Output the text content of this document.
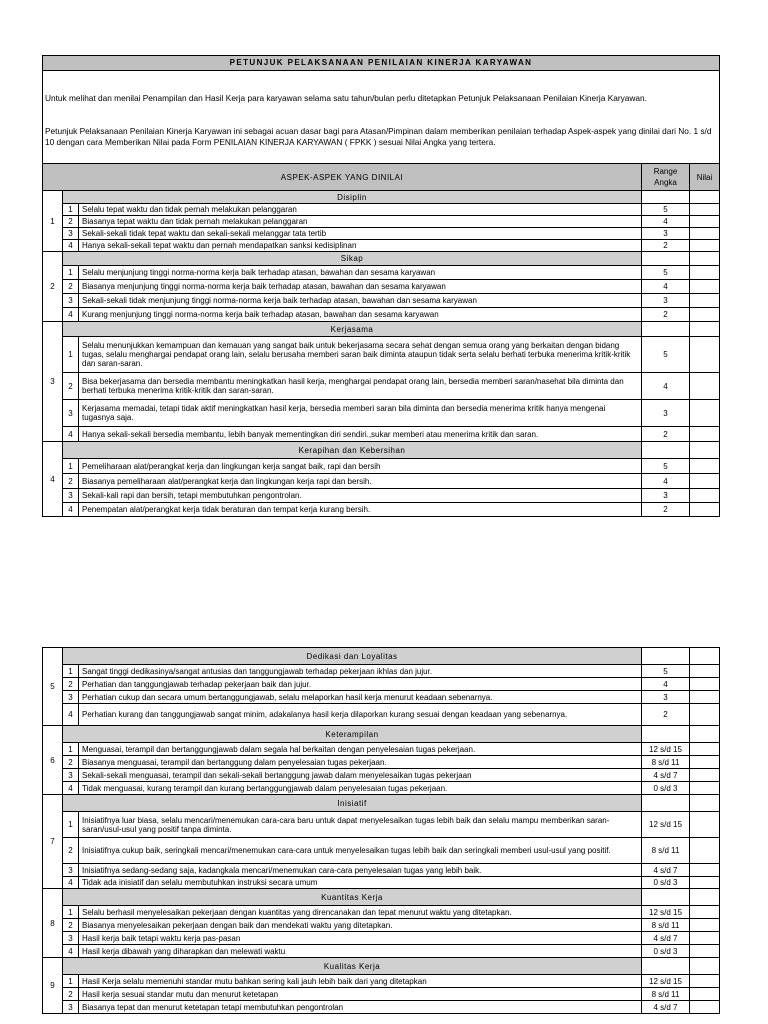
PETUNJUK PELAKSANAAN PENILAIAN KINERJA KARYAWAN
Untuk melihat dan menilai Penampilan dan Hasil Kerja para karyawan selama satu tahun/bulan perlu ditetapkan Petunjuk Pelaksanaan Penilaian Kinerja Karyawan.
Petunjuk Pelaksanaan Penilaian Kinerja Karyawan ini sebagai acuan dasar bagi para Atasan/Pimpinan dalam memberikan penilaian terhadap Aspek-aspek yang dinilai dari No. 1 s/d 10 dengan cara Memberikan Nilai pada Form PENILAIAN KINERJA KARYAWAN ( FPKK ) sesuai Nilai Angka yang tertera.
ASPEK-ASPEK YANG DINILAI			Range Angka	Nilai
1	Disiplin			
	1	Selalu tepat waktu dan tidak pernah melakukan pelanggaran	5	
	2	Biasanya tepat waktu dan tidak pernah melakukan pelanggaran	4	
	3	Sekali-sekali tidak tepat waktu dan sekali-sekali melanggar tata tertib	3	
	4	Hanya sekali-sekali tepat waktu dan pernah mendapatkan sanksi kedisiplinan	2	
2	Sikap			
	1	Selalu menjunjung tinggi norma-norma kerja baik terhadap atasan, bawahan dan sesama karyawan	5	
	2	Biasanya menjunjung tinggi norma-norma kerja baik terhadap atasan, bawahan dan sesama karyawan	4	
	3	Sekali-sekali tidak menjunjung tinggi norma-norma kerja baik terhadap atasan, bawahan dan sesama karyawan	3	
	4	Kurang menjunjung tinggi norma-norma kerja baik terhadap atasan, bawahan dan sesama karyawan	2	
3	Kerjasama			
	1	Selalu menunjukkan kemampuan dan kemauan yang sangat baik untuk bekerjasama secara sehat dengan semua orang yang berkaitan dengan bidang tugas, selalu menghargai pendapat orang lain, selalu berusaha memberi saran baik diminta ataupun tidak serta selalu berhati terbuka menerima kritik-kritik dan saran-saran.	5	
	2	Bisa bekerjasama dan bersedia membantu meningkatkan hasil kerja, menghargai pendapat orang lain, bersedia memberi saran/nasehat bila diminta dan berhati terbuka menerima kritik-kritik dan saran-saran.	4	
	3	Kerjasama memadai, tetapi tidak aktif meningkatkan hasil kerja, bersedia memberi saran bila diminta dan bersedia menerima kritik hanya mengenai tugasnya saja.	3	
	4	Hanya sekali-sekali bersedia membantu, lebih banyak mementingkan diri sendiri.,sukar memberi atau menerima kritik dan saran.	2	
4	Kerapihan dan Kebersihan			
	1	Pemeliharaan alat/perangkat kerja dan lingkungan kerja sangat baik, rapi dan bersih	5	
	2	Biasanya pemeliharaan alat/perangkat kerja dan lingkungan kerja rapi dan bersih.	4	
	3	Sekali-kali rapi dan bersih, tetapi membutuhkan pengontrolan.	3	
	4	Penempatan alat/perangkat kerja tidak beraturan dan tempat kerja kurang bersih.	2	
5	Dedikasi dan Loyalitas			
	1	Sangat tinggi dedikasinya/sangat antusias dan tanggungjawab terhadap pekerjaan ikhlas dan jujur.	5	
	2	Perhatian dan tanggungjawab terhadap pekerjaan baik dan jujur.	4	
	3	Perhatian cukup dan secara umum bertanggungjawab, selalu melaporkan hasil kerja menurut keadaan sebenarnya.	3	
	4	Perhatian kurang dan tanggungjawab sangat minim, adakalanya hasil kerja dilaporkan kurang sesuai dengan keadaan yang sebenarnya.	2	
6	Keterampilan			
	1	Menguasai, terampil dan bertanggungjawab dalam segala hal berkaitan dengan penyelesaian tugas pekerjaan.	12 s/d 15	
	2	Biasanya menguasai, terampil dan bertanggung dalam penyelesaian tugas pekerjaan.	8 s/d 11	
	3	Sekali-sekali menguasai, terampil dan sekali-sekali bertanggung jawab dalam menyelesaikan tugas pekerjaan	4 s/d 7	
	4	Tidak menguasai, kurang terampil dan kurang bertanggungjawab dalam penyelesaian tugas pekerjaan.	0 s/d 3	
7	Inisiatif			
	1	Inisiatifnya luar biasa, selalu mencari/menemukan cara-cara baru untuk dapat menyelesaikan tugas lebih baik dan selalu mampu memberikan saran-saran/usul-usul yang positif tanpa diminta.	12 s/d 15	
	2	Inisiatifnya cukup baik, seringkali mencari/menemukan cara-cara untuk menyelesaikan tugas lebih baik dan seringkali memberi usul-usul yang positif.	8 s/d 11	
	3	Inisiatifnya sedang-sedang saja, kadangkala mencari/menemukan cara-cara penyelesaian tugas yang lebih baik.	4 s/d 7	
	4	Tidak ada inisiatif dan selalu membutuhkan instruksi secara umum	0 s/d 3	
8	Kuantitas Kerja			
	1	Selalu berhasil menyelesaikan pekerjaan dengan kuantitas yang direncanakan dan tepat menurut waktu yang ditetapkan.	12 s/d 15	
	2	Biasanya menyelesaikan pekerjaan dengan baik dan mendekati waktu yang ditetapkan.	8 s/d 11	
	3	Hasil kerja baik tetapi waktu kerja pas-pasan	4 s/d 7	
	4	Hasil kerja dibawah yang diharapkan dan melewati waktu	0 s/d 3	
9	Kualitas Kerja			
	1	Hasil Kerja selalu memenuhi standar mutu bahkan sering kali jauh lebih baik dari yang ditetapkan	12 s/d 15	
	2	Hasil kerja sesuai standar mutu dan menurut ketetapan	8 s/d 11	
	3	Biasanya tepat dan menurut ketetapan tetapi membutuhkan pengontrolan	4 s/d 7	
